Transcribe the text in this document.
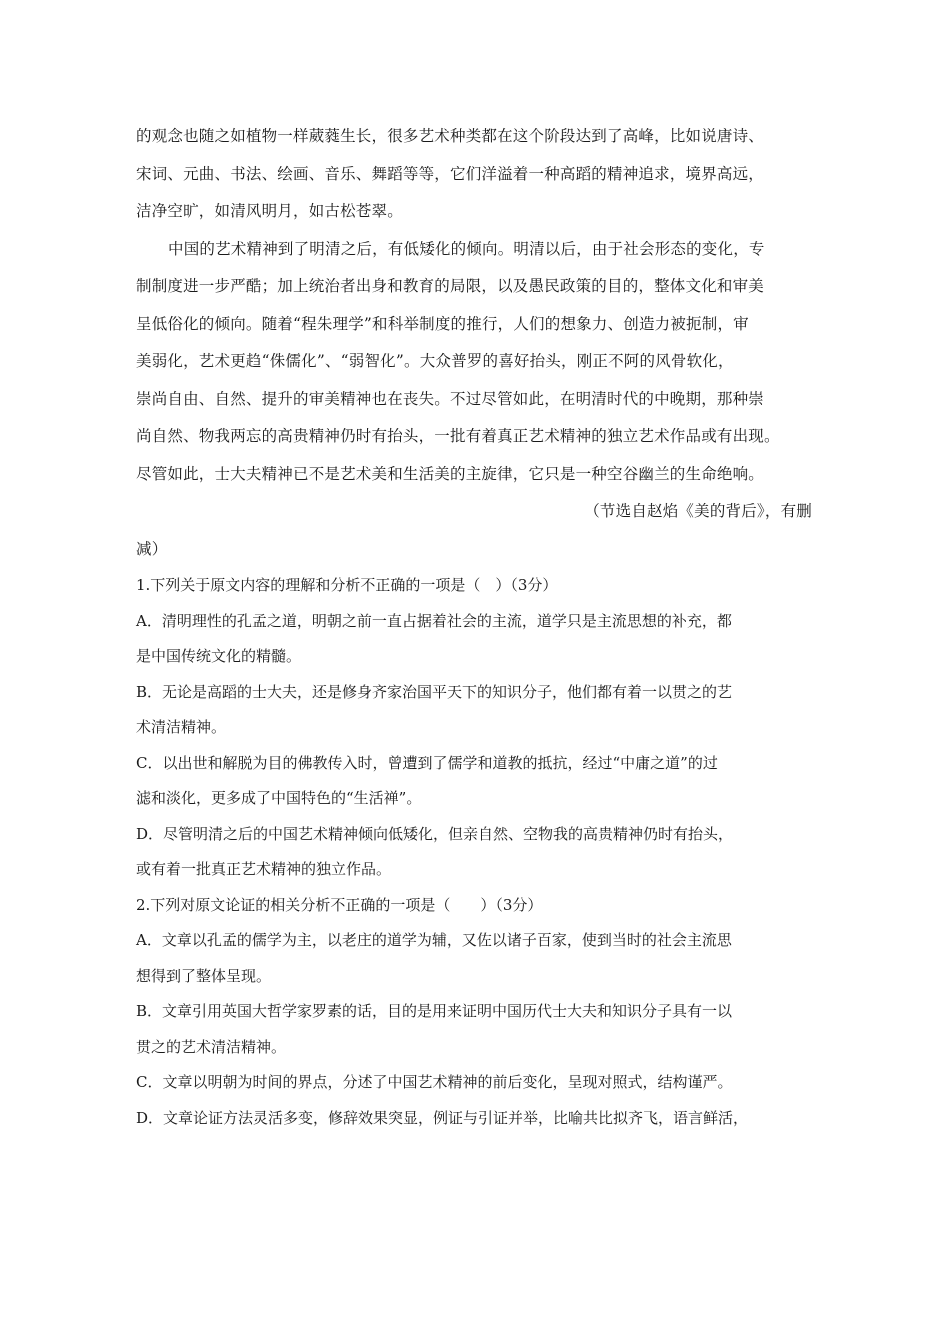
的观念也随之如植物一样葳蕤生长，很多艺术种类都在这个阶段达到了高峰，比如说唐诗、
宋词、元曲、书法、绘画、音乐、舞蹈等等，它们洋溢着一种高蹈的精神追求，境界高远，
洁净空旷，如清风明月，如古松苍翠。
中国的艺术精神到了明清之后，有低矮化的倾向。明清以后，由于社会形态的变化，专
制制度进一步严酷；加上统治者出身和教育的局限，以及愚民政策的目的，整体文化和审美
呈低俗化的倾向。随着“程朱理学”和科举制度的推行，人们的想象力、创造力被扼制，审
美弱化，艺术更趋“侏儒化”、“弱智化”。大众普罗的喜好抬头，刚正不阿的风骨软化，
崇尚自由、自然、提升的审美精神也在丧失。不过尽管如此，在明清时代的中晚期，那种崇
尚自然、物我两忘的高贵精神仍时有抬头，一批有着真正艺术精神的独立艺术作品或有出现。
尽管如此，士大夫精神已不是艺术美和生活美的主旋律，它只是一种空谷幽兰的生命绝响。
（节选自赵焰《美的背后》，有删
减）
1.下列关于原文内容的理解和分析不正确的一项是（　）（3分）
A．清明理性的孔孟之道，明朝之前一直占据着社会的主流，道学只是主流思想的补充，都
是中国传统文化的精髓。
B．无论是高蹈的士大夫，还是修身齐家治国平天下的知识分子，他们都有着一以贯之的艺
术清洁精神。
C．以出世和解脱为目的佛教传入时，曾遭到了儒学和道教的抵抗，经过“中庸之道”的过
滤和淡化，更多成了中国特色的“生活禅”。
D．尽管明清之后的中国艺术精神倾向低矮化，但亲自然、空物我的高贵精神仍时有抬头，
或有着一批真正艺术精神的独立作品。
2.下列对原文论证的相关分析不正确的一项是（　　）（3分）
A．文章以孔孟的儒学为主，以老庄的道学为辅，又佐以诸子百家，使到当时的社会主流思
想得到了整体呈现。
B．文章引用英国大哲学家罗素的话，目的是用来证明中国历代士大夫和知识分子具有一以
贯之的艺术清洁精神。
C．文章以明朝为时间的界点，分述了中国艺术精神的前后变化，呈现对照式，结构谨严。
D．文章论证方法灵活多变，修辞效果突显，例证与引证并举，比喻共比拟齐飞，语言鲜活，
